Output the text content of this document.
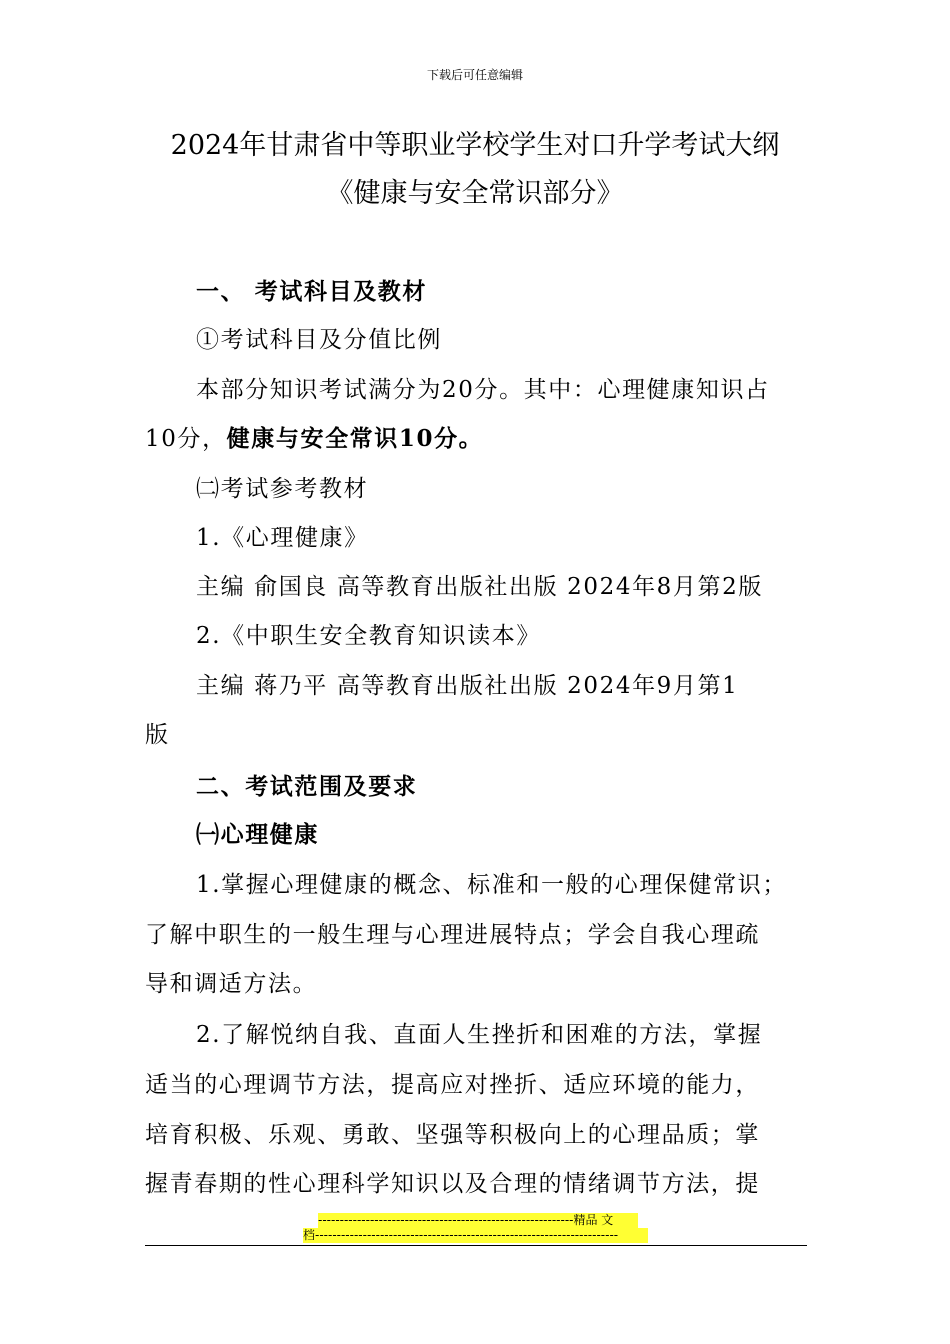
下载后可任意编辑
2024年甘肃省中等职业学校学生对口升学考试大纲
《健康与安全常识部分》
一、 考试科目及教材
①考试科目及分值比例
本部分知识考试满分为20分。其中：心理健康知识占
10分，健康与安全常识10分。
㈡考试参考教材
1.《心理健康》
主编 俞国良 高等教育出版社出版 2024年8月第2版
2.《中职生安全教育知识读本》
主编 蒋乃平 高等教育出版社出版 2024年9月第1
版
二、考试范围及要求
㈠心理健康
1.掌握心理健康的概念、标准和一般的心理保健常识；
了解中职生的一般生理与心理进展特点；学会自我心理疏
导和调适方法。
2.了解悦纳自我、直面人生挫折和困难的方法，掌握
适当的心理调节方法，提高应对挫折、适应环境的能力，
培育积极、乐观、勇敢、坚强等积极向上的心理品质；掌
握青春期的性心理科学知识以及合理的情绪调节方法，提
-----------------------------------------------------------精品 文
档----------------------------------------------------------------------
